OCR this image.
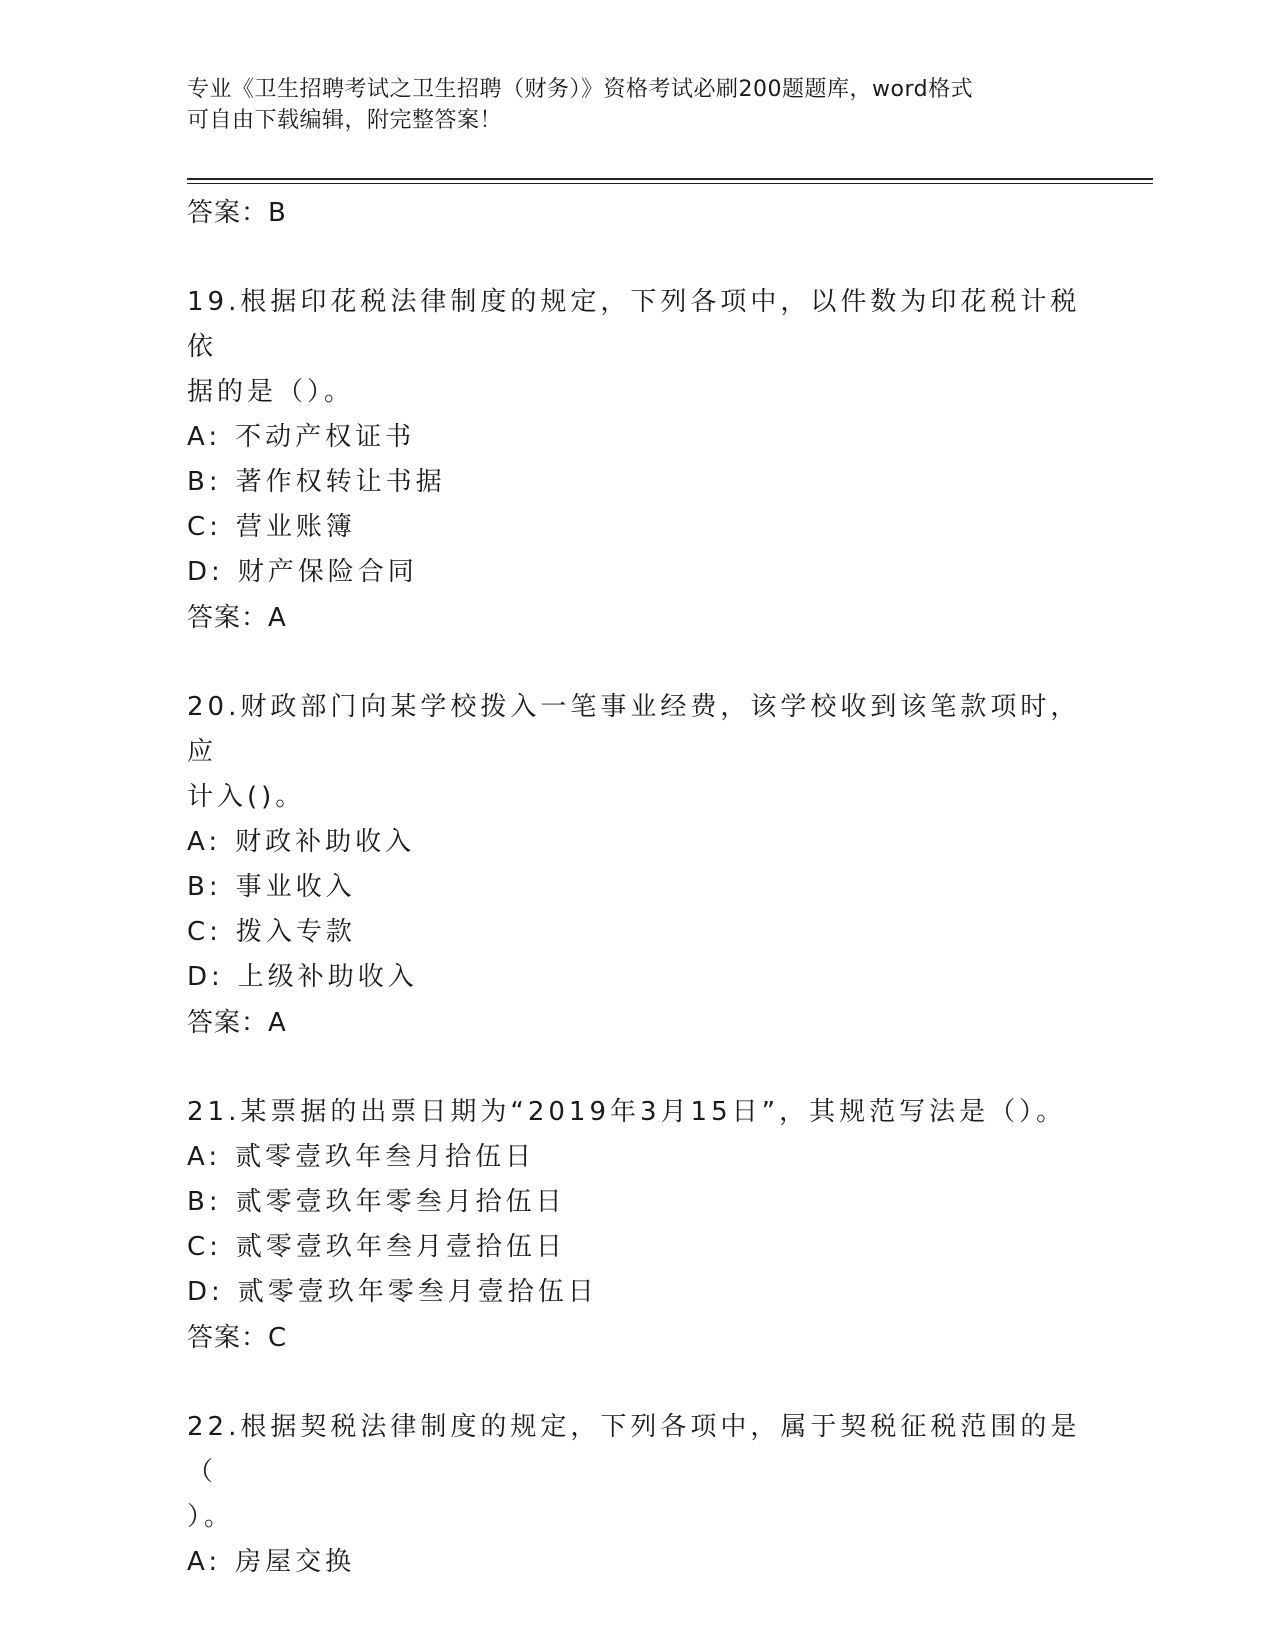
专业《卫生招聘考试之卫生招聘（财务）》资格考试必刷200题题库，word格式
可自由下载编辑，附完整答案！
答案：B
19.根据印花税法律制度的规定，下列各项中，以件数为印花税计税依
据的是（）。
A: 不动产权证书
B: 著作权转让书据
C: 营业账簿
D: 财产保险合同
答案：A
20.财政部门向某学校拨入一笔事业经费，该学校收到该笔款项时，应
计入()。
A: 财政补助收入
B: 事业收入
C: 拨入专款
D: 上级补助收入
答案：A
21.某票据的出票日期为“2019年3月15日”，其规范写法是（）。
A: 贰零壹玖年叁月拾伍日
B: 贰零壹玖年零叁月拾伍日
C: 贰零壹玖年叁月壹拾伍日
D: 贰零壹玖年零叁月壹拾伍日
答案：C
22.根据契税法律制度的规定，下列各项中，属于契税征税范围的是（
）。
A: 房屋交换
